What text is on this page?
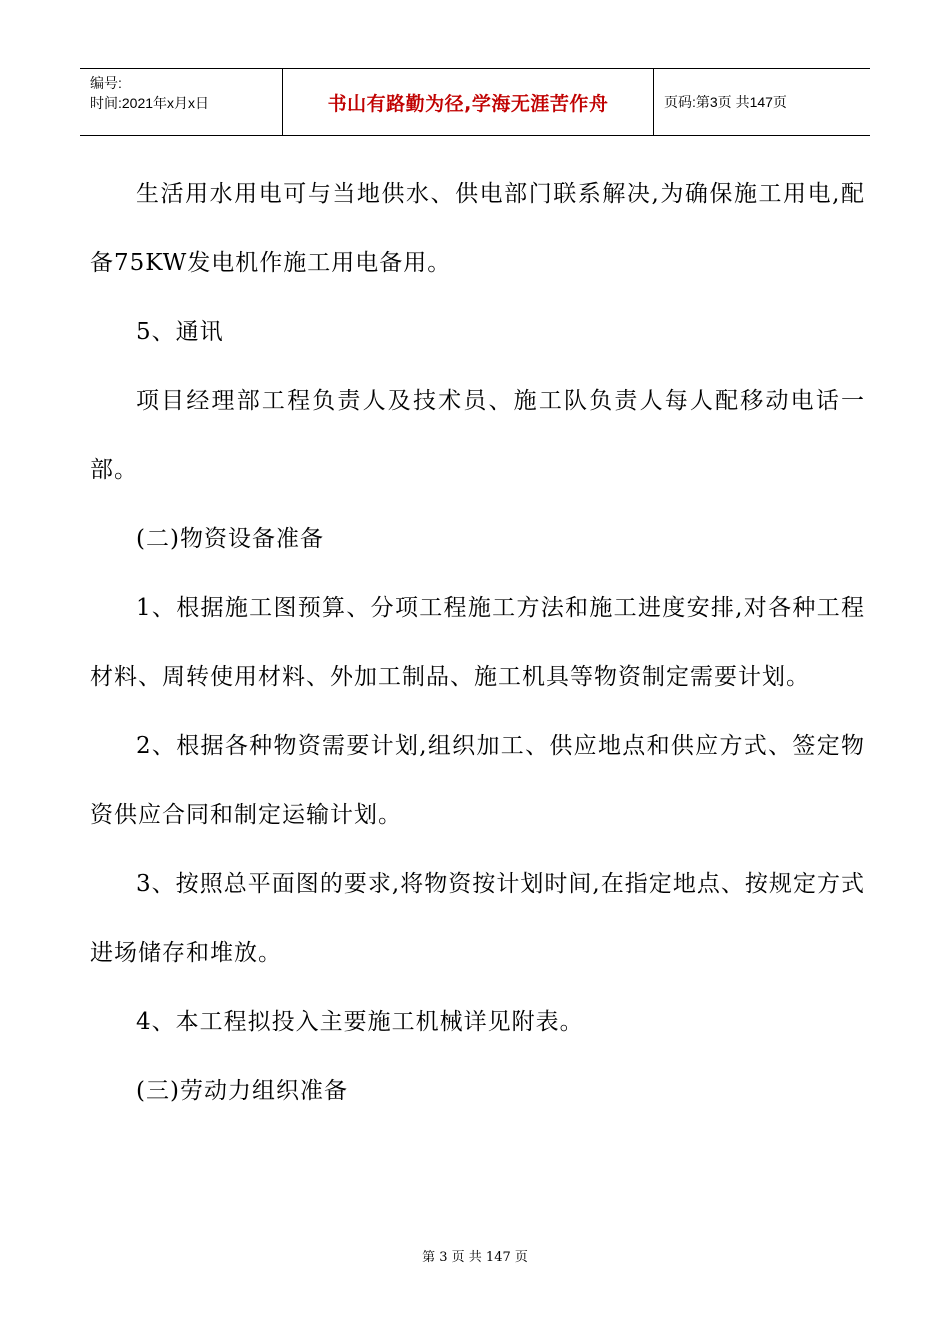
编号:
时间:2021年x月x日	书山有路勤为径,学海无涯苦作舟	页码:第3页 共147页

生活用水用电可与当地供水、供电部门联系解决,为确保施工用电,配备75KW发电机作施工用电备用。

5、通讯

项目经理部工程负责人及技术员、施工队负责人每人配移动电话一部。

(二)物资设备准备

1、根据施工图预算、分项工程施工方法和施工进度安排,对各种工程材料、周转使用材料、外加工制品、施工机具等物资制定需要计划。

2、根据各种物资需要计划,组织加工、供应地点和供应方式、签定物资供应合同和制定运输计划。

3、按照总平面图的要求,将物资按计划时间,在指定地点、按规定方式进场储存和堆放。

4、本工程拟投入主要施工机械详见附表。

(三)劳动力组织准备

第 3 页 共 147 页
